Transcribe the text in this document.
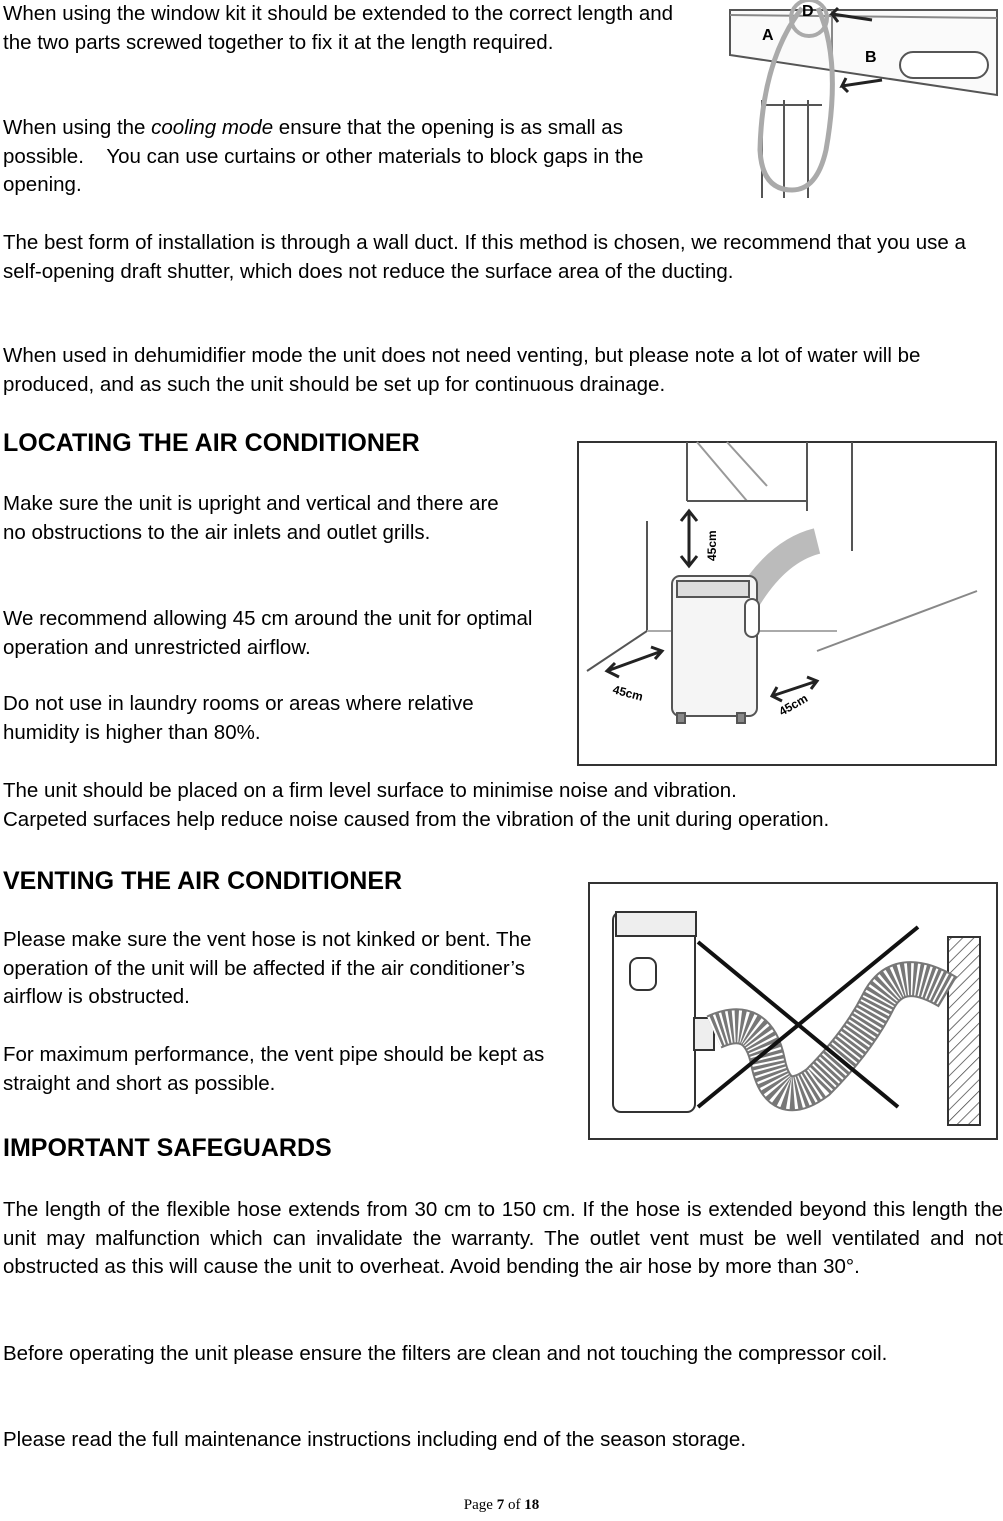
When using the window kit it should be extended to the correct length and the two parts screwed together to fix it at the length required.

When using the cooling mode ensure that the opening is as small as possible.    You can use curtains or other materials to block gaps in the opening.

The best form of installation is through a wall duct. If this method is chosen, we recommend that you use a self-opening draft shutter, which does not reduce the surface area of the ducting.

When used in dehumidifier mode the unit does not need venting, but please note a lot of water will be produced, and as such the unit should be set up for continuous drainage.

LOCATING THE AIR CONDITIONER

Make sure the unit is upright and vertical and there are no obstructions to the air inlets and outlet grills.

We recommend allowing 45 cm around the unit for optimal operation and unrestricted airflow.

Do not use in laundry rooms or areas where relative humidity is higher than 80%.

The unit should be placed on a firm level surface to minimise noise and vibration.

Carpeted surfaces help reduce noise caused from the vibration of the unit during operation.

VENTING THE AIR CONDITIONER

Please make sure the vent hose is not kinked or bent. The operation of the unit will be affected if the air conditioner’s airflow is obstructed.

For maximum performance, the vent pipe should be kept as straight and short as possible.

IMPORTANT SAFEGUARDS

The length of the flexible hose extends from 30 cm to 150 cm. If the hose is extended beyond this length the unit may malfunction which can invalidate the warranty. The outlet vent must be well ventilated and not obstructed as this will cause the unit to overheat. Avoid bending the air hose by more than 30°.

Before operating the unit please ensure the filters are clean and not touching the compressor coil.

Please read the full maintenance instructions including end of the season storage.

A
B
D
45cm
45cm	45cm
Page 7 of 18
